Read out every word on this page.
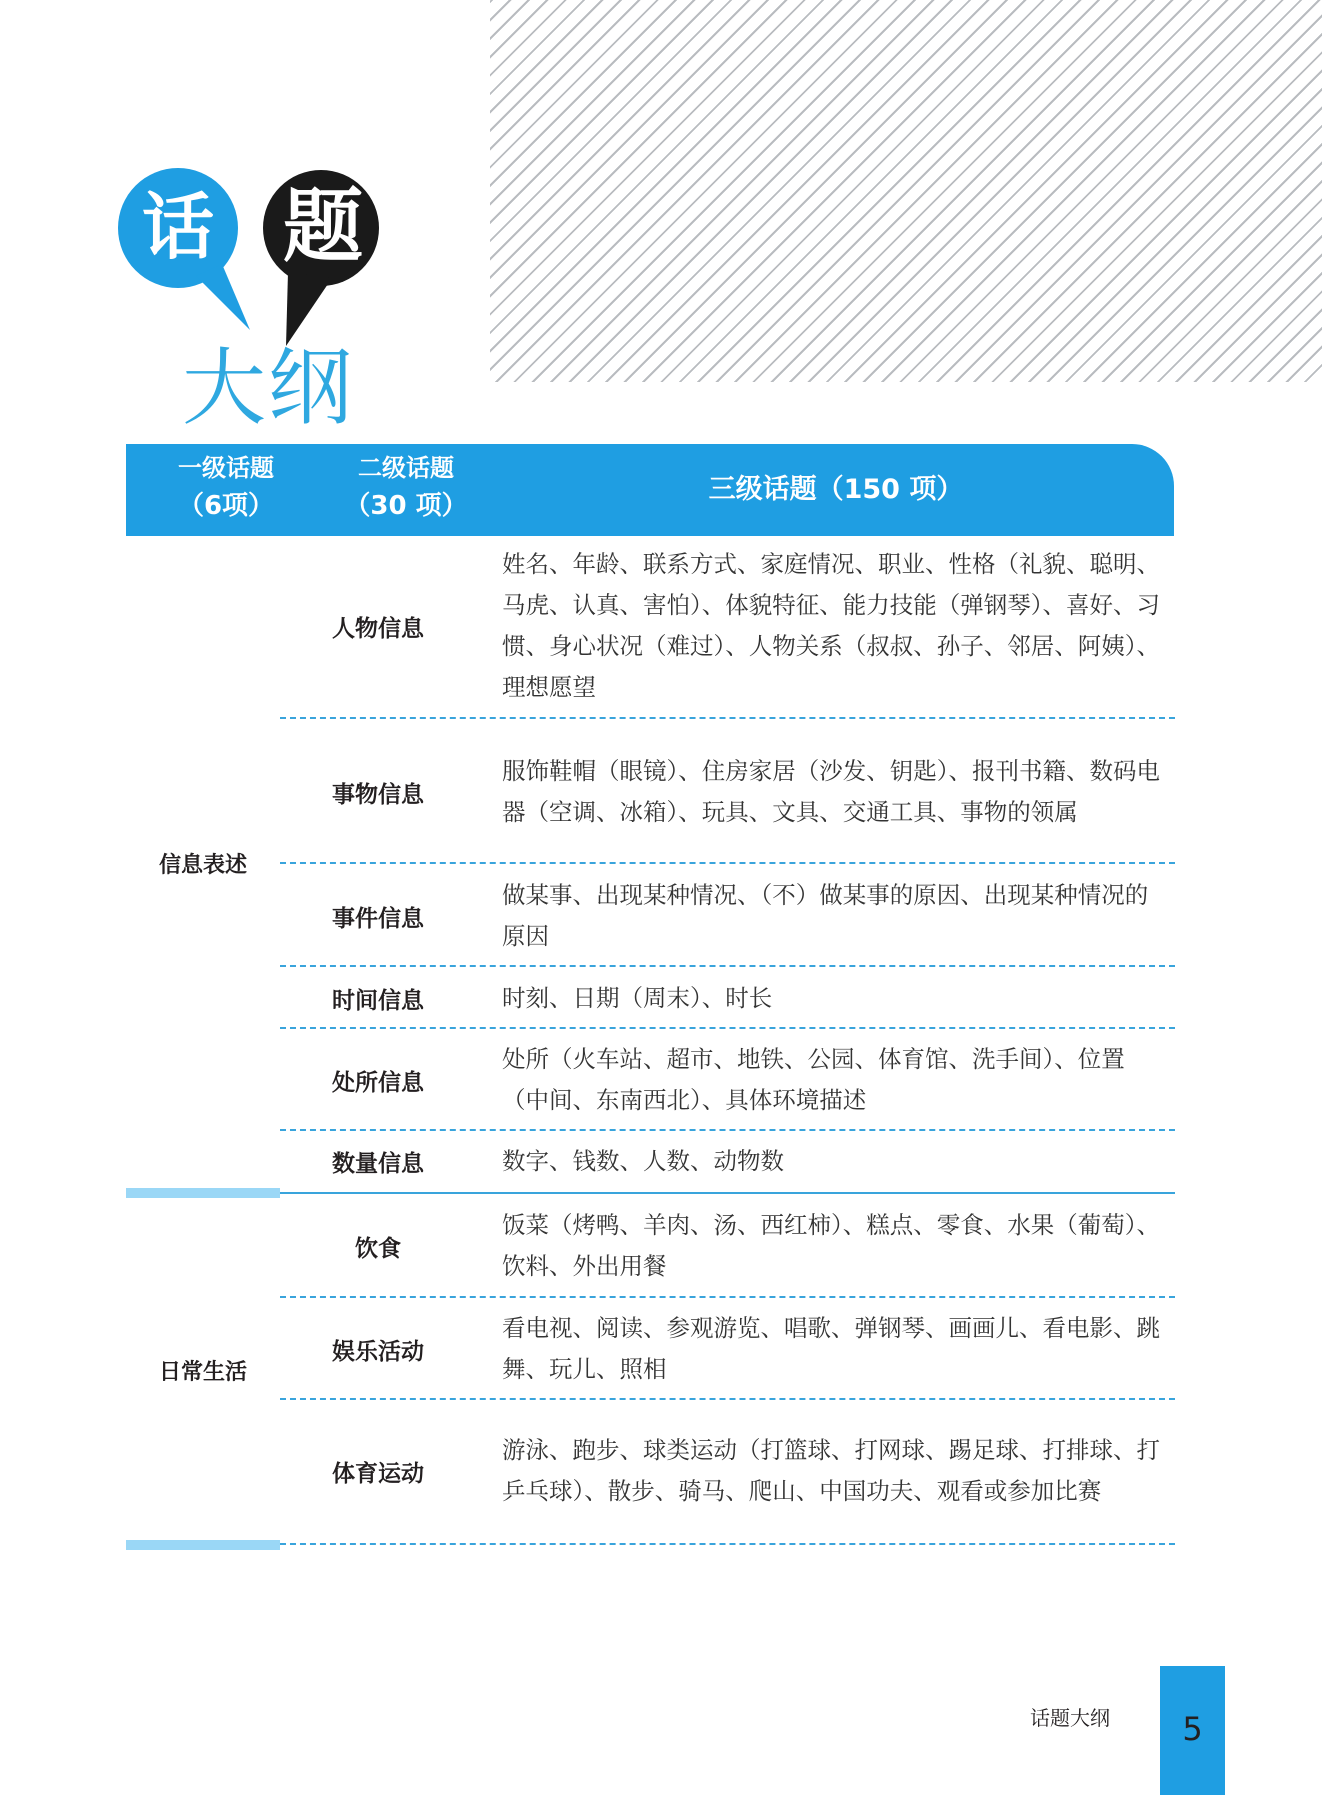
话 题
大纲
一级话题
（6项）
二级话题
（30 项）
三级话题（150 项）
信息表述
人物信息
姓名、年龄、联系方式、家庭情况、职业、性格（礼貌、聪明、马虎、认真、害怕）、体貌特征、能力技能（弹钢琴）、喜好、习惯、身心状况（难过）、人物关系（叔叔、孙子、邻居、阿姨）、理想愿望
事物信息
服饰鞋帽（眼镜）、住房家居（沙发、钥匙）、报刊书籍、数码电器（空调、冰箱）、玩具、文具、交通工具、事物的领属
事件信息
做某事、出现某种情况、（不）做某事的原因、出现某种情况的原因
时间信息	时刻、日期（周末）、时长
处所信息
处所（火车站、超市、地铁、公园、体育馆、洗手间）、位置（中间、东南西北）、具体环境描述
数量信息	数字、钱数、人数、动物数
日常生活
饮食
饭菜（烤鸭、羊肉、汤、西红柿）、糕点、零食、水果（葡萄）、饮料、外出用餐
娱乐活动
看电视、阅读、参观游览、唱歌、弹钢琴、画画儿、看电影、跳舞、玩儿、照相
体育运动
游泳、跑步、球类运动（打篮球、打网球、踢足球、打排球、打乒乓球）、散步、骑马、爬山、中国功夫、观看或参加比赛
话题大纲 5
